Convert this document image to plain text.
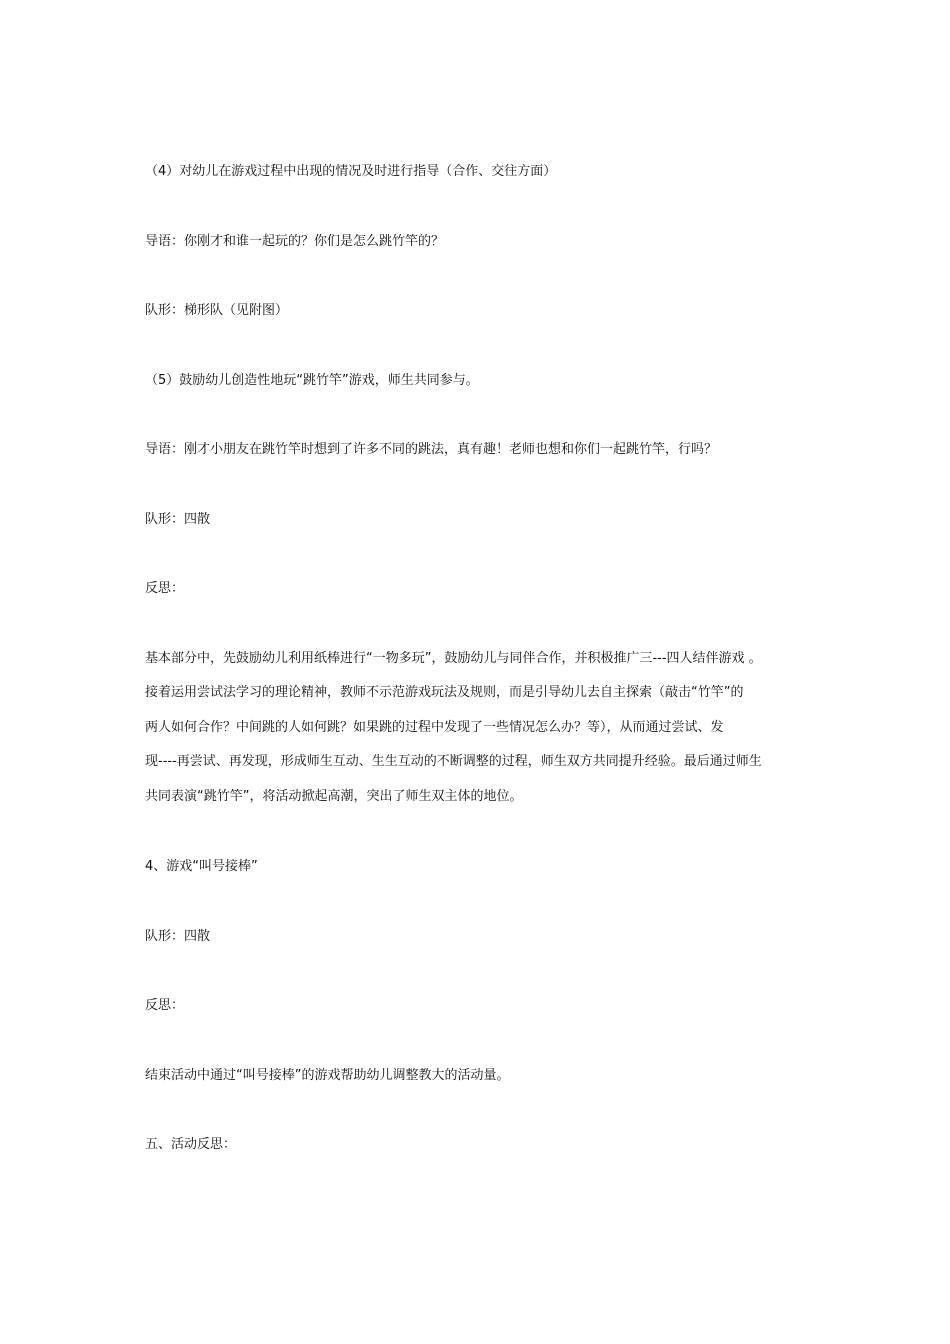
（4）对幼儿在游戏过程中出现的情况及时进行指导（合作、交往方面）
导语：你刚才和谁一起玩的？你们是怎么跳竹竿的？
队形：梯形队（见附图）
（5）鼓励幼儿创造性地玩“跳竹竿”游戏，师生共同参与。
导语：刚才小朋友在跳竹竿时想到了许多不同的跳法，真有趣！老师也想和你们一起跳竹竿，行吗？
队形：四散
反思：
基本部分中，先鼓励幼儿利用纸棒进行“一物多玩”，鼓励幼儿与同伴合作，并积极推广三---四人结伴游戏 。
接着运用尝试法学习的理论精神，教师不示范游戏玩法及规则，而是引导幼儿去自主探索（敲击“竹竿”的
两人如何合作？中间跳的人如何跳？如果跳的过程中发现了一些情况怎么办？等），从而通过尝试、发
现----再尝试、再发现，形成师生互动、生生互动的不断调整的过程，师生双方共同提升经验。最后通过师生
共同表演“跳竹竿”，将活动掀起高潮，突出了师生双主体的地位。
4、游戏“叫号接棒”
队形：四散
反思：
结束活动中通过“叫号接棒”的游戏帮助幼儿调整教大的活动量。
五、活动反思：
